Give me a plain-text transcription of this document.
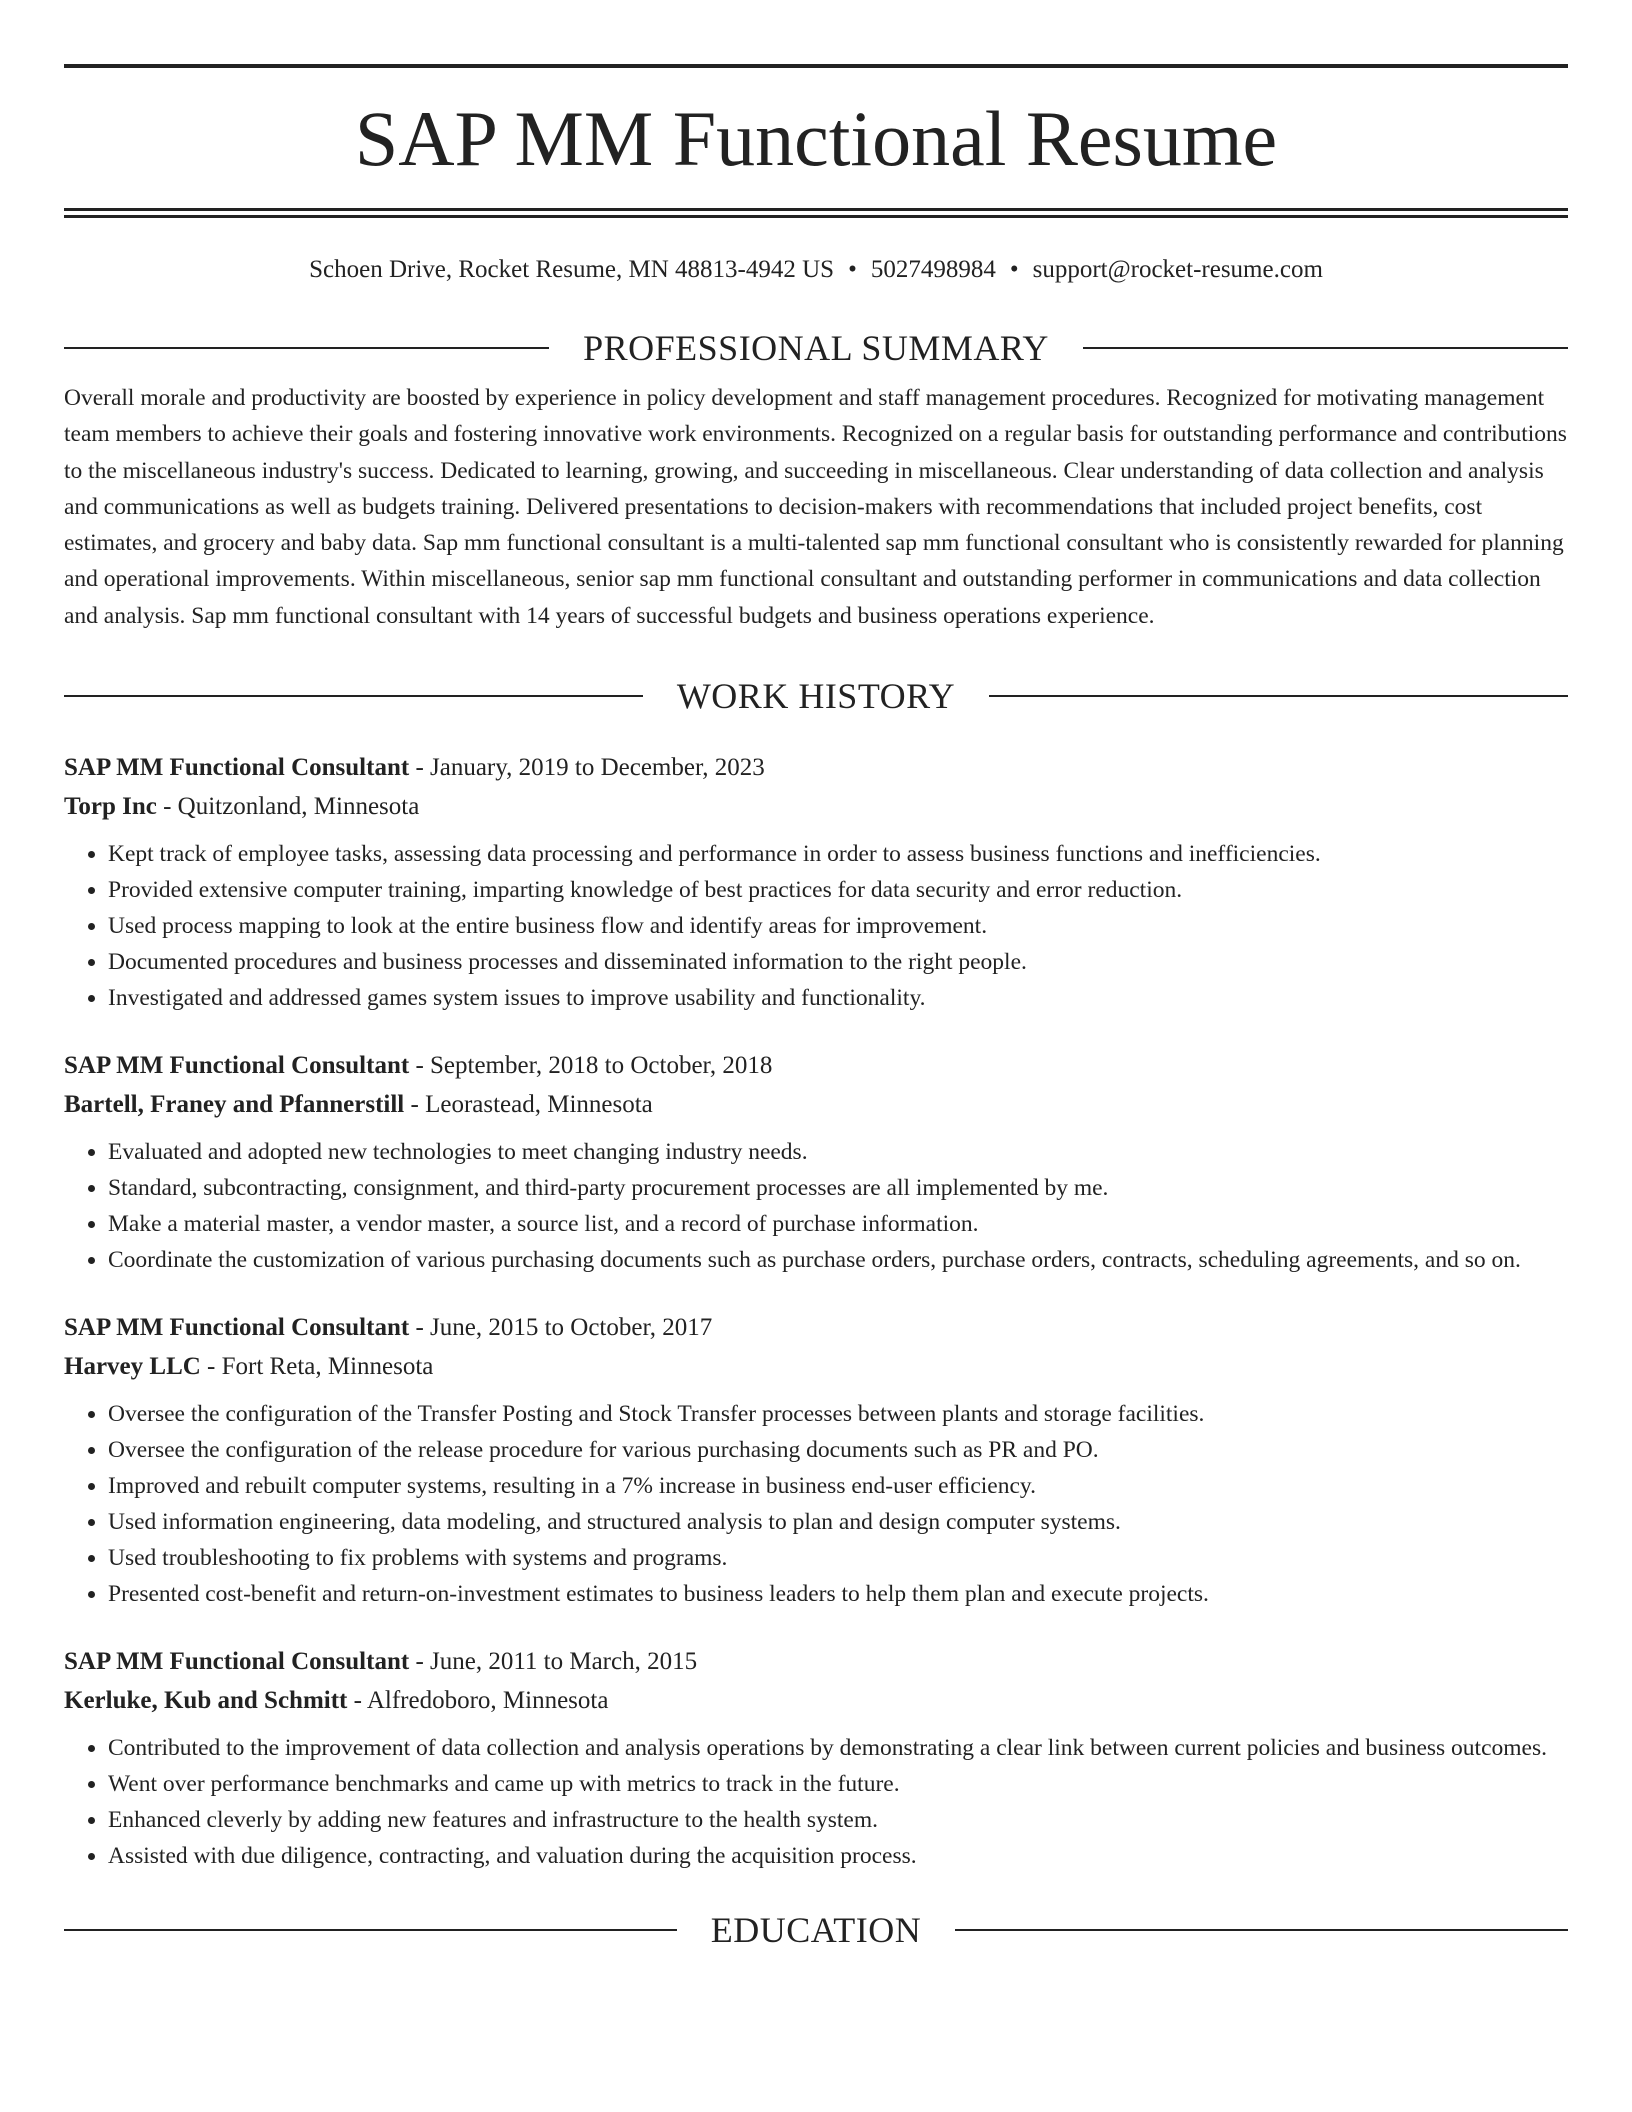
SAP MM Functional Resume
Schoen Drive, Rocket Resume, MN 48813-4942 US • 5027498984 • support@rocket-resume.com
PROFESSIONAL SUMMARY

Overall morale and productivity are boosted by experience in policy development and staff management procedures. Recognized for motivating management team members to achieve their goals and fostering innovative work environments. Recognized on a regular basis for outstanding performance and contributions to the miscellaneous industry's success. Dedicated to learning, growing, and succeeding in miscellaneous. Clear understanding of data collection and analysis and communications as well as budgets training. Delivered presentations to decision-makers with recommendations that included project benefits, cost estimates, and grocery and baby data. Sap mm functional consultant is a multi-talented sap mm functional consultant who is consistently rewarded for planning and operational improvements. Within miscellaneous, senior sap mm functional consultant and outstanding performer in communications and data collection and analysis. Sap mm functional consultant with 14 years of successful budgets and business operations experience.

WORK HISTORY
SAP MM Functional Consultant - January, 2019 to December, 2023
Torp Inc - Quitzonland, Minnesota
• Kept track of employee tasks, assessing data processing and performance in order to assess business functions and inefficiencies.
• Provided extensive computer training, imparting knowledge of best practices for data security and error reduction.
• Used process mapping to look at the entire business flow and identify areas for improvement.
• Documented procedures and business processes and disseminated information to the right people.
• Investigated and addressed games system issues to improve usability and functionality.
SAP MM Functional Consultant - September, 2018 to October, 2018
Bartell, Franey and Pfannerstill - Leorastead, Minnesota
• Evaluated and adopted new technologies to meet changing industry needs.
• Standard, subcontracting, consignment, and third-party procurement processes are all implemented by me.
• Make a material master, a vendor master, a source list, and a record of purchase information.
• Coordinate the customization of various purchasing documents such as purchase orders, purchase orders, contracts, scheduling agreements, and so on.
SAP MM Functional Consultant - June, 2015 to October, 2017
Harvey LLC - Fort Reta, Minnesota
• Oversee the configuration of the Transfer Posting and Stock Transfer processes between plants and storage facilities.
• Oversee the configuration of the release procedure for various purchasing documents such as PR and PO.
• Improved and rebuilt computer systems, resulting in a 7% increase in business end-user efficiency.
• Used information engineering, data modeling, and structured analysis to plan and design computer systems.
• Used troubleshooting to fix problems with systems and programs.
• Presented cost-benefit and return-on-investment estimates to business leaders to help them plan and execute projects.
SAP MM Functional Consultant - June, 2011 to March, 2015
Kerluke, Kub and Schmitt - Alfredoboro, Minnesota
• Contributed to the improvement of data collection and analysis operations by demonstrating a clear link between current policies and business outcomes.
• Went over performance benchmarks and came up with metrics to track in the future.
• Enhanced cleverly by adding new features and infrastructure to the health system.
• Assisted with due diligence, contracting, and valuation during the acquisition process.
EDUCATION
